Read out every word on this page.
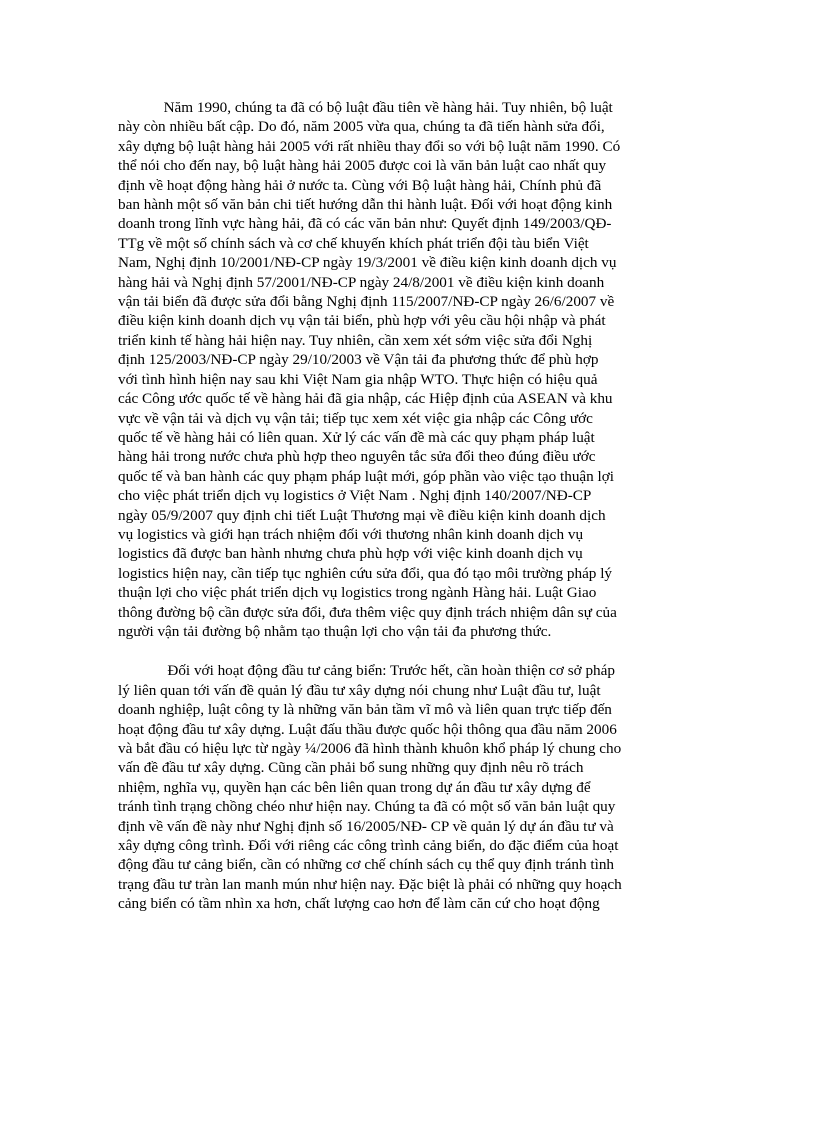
Năm 1990, chúng ta đã có bộ luật đầu tiên về hàng hải. Tuy nhiên, bộ luật
này còn nhiều bất cập. Do đó, năm 2005 vừa qua, chúng ta đã tiến hành sửa đổi,
xây dựng bộ luật hàng hải 2005 với rất nhiều thay đổi so với bộ luật năm 1990. Có
thể nói cho đến nay, bộ luật hàng hải 2005 được coi là văn bản luật cao nhất quy
định về hoạt động hàng hải ở nước ta. Cùng với Bộ luật hàng hải, Chính phủ đã
ban hành một số văn bản chi tiết hướng dẫn thi hành luật. Đối với hoạt động kinh
doanh trong lĩnh vực hàng hải, đã có các văn bản như: Quyết định 149/2003/QĐ-
TTg về một số chính sách và cơ chế khuyến khích phát triển đội tàu biển Việt
Nam, Nghị định 10/2001/NĐ-CP ngày 19/3/2001 về điều kiện kinh doanh dịch vụ
hàng hải và Nghị định 57/2001/NĐ-CP ngày 24/8/2001 về điều kiện kinh doanh
vận tải biển đã được sửa đổi bằng Nghị định 115/2007/NĐ-CP ngày 26/6/2007 về
điều kiện kinh doanh dịch vụ vận tải biển, phù hợp với yêu cầu hội nhập và phát
triển kinh tế hàng hải hiện nay. Tuy nhiên, cần xem xét sớm việc sửa đổi Nghị
định 125/2003/NĐ-CP ngày 29/10/2003 về Vận tải đa phương thức để phù hợp
với tình hình hiện nay sau khi Việt Nam gia nhập WTO. Thực hiện có hiệu quả
các Công ước quốc tế về hàng hải đã gia nhập, các Hiệp định của ASEAN và khu
vực về vận tải và dịch vụ vận tải; tiếp tục xem xét việc gia nhập các Công ước
quốc tế về hàng hải có liên quan. Xử lý các vấn đề mà các quy phạm pháp luật
hàng hải trong nước chưa phù hợp theo nguyên tắc sửa đổi theo đúng điều ước
quốc tế và ban hành các quy phạm pháp luật mới, góp phần vào việc tạo thuận lợi
cho việc phát triển dịch vụ logistics ở Việt Nam . Nghị định 140/2007/NĐ-CP
ngày 05/9/2007 quy định chi tiết Luật Thương mại về điều kiện kinh doanh dịch
vụ logistics và giới hạn trách nhiệm đối với thương nhân kinh doanh dịch vụ
logistics đã được ban hành nhưng chưa phù hợp với việc kinh doanh dịch vụ
logistics hiện nay, cần tiếp tục nghiên cứu sửa đổi, qua đó tạo môi trường pháp lý
thuận lợi cho việc phát triển dịch vụ logistics trong ngành Hàng hải. Luật Giao
thông đường bộ cần được sửa đổi, đưa thêm việc quy định trách nhiệm dân sự của
người vận tải đường bộ nhằm tạo thuận lợi cho vận tải đa phương thức.

Đối với hoạt động đầu tư cảng biển: Trước hết, cần hoàn thiện cơ sở pháp
lý liên quan tới vấn đề quản lý đầu tư xây dựng nói chung như Luật đầu tư, luật
doanh nghiệp, luật công ty là những văn bản tầm vĩ mô và liên quan trực tiếp đến
hoạt động đầu tư xây dựng. Luật đấu thầu được quốc hội thông qua đầu năm 2006
và bắt đầu có hiệu lực từ ngày ¼/2006 đã hình thành khuôn khổ pháp lý chung cho
vấn đề đầu tư xây dựng. Cũng cần phải bổ sung những quy định nêu rõ trách
nhiệm, nghĩa vụ, quyền hạn các bên liên quan trong dự án đầu tư xây dựng để
tránh tình trạng chồng chéo như hiện nay. Chúng ta đã có một số văn bản luật quy
định về vấn đề này như Nghị định số 16/2005/NĐ- CP về quản lý dự án đầu tư và
xây dựng công trình. Đối với riêng các công trình cảng biển, do đặc điểm của hoạt
động đầu tư cảng biển, cần có những cơ chế chính sách cụ thể quy định tránh tình
trạng đầu tư tràn lan manh mún như hiện nay. Đặc biệt là phải có những quy hoạch
cảng biển có tầm nhìn xa hơn, chất lượng cao hơn để làm căn cứ cho hoạt động
